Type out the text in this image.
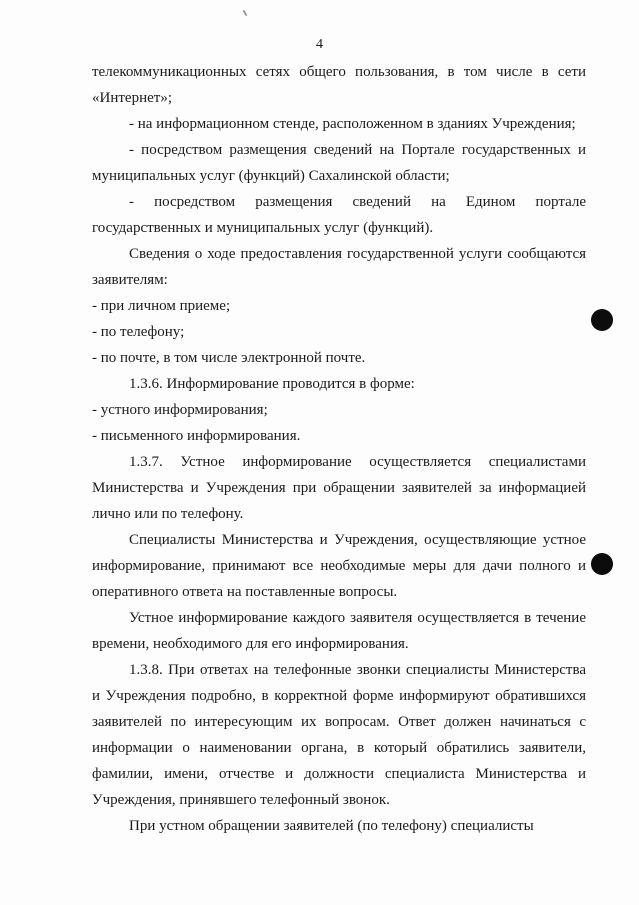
4

телекоммуникационных сетях общего пользования, в том числе в сети «Интернет»;

- на информационном стенде, расположенном в зданиях Учреждения;

- посредством размещения сведений на Портале государственных и муниципальных услуг (функций) Сахалинской области;

- посредством размещения сведений на Едином портале государственных и муниципальных услуг (функций).

Сведения о ходе предоставления государственной услуги сообщаются заявителям:

- при личном приеме;

- по телефону;

- по почте, в том числе электронной почте.

1.3.6. Информирование проводится в форме:

- устного информирования;

- письменного информирования.

1.3.7. Устное информирование осуществляется специалистами Министерства и Учреждения при обращении заявителей за информацией лично или по телефону.

Специалисты Министерства и Учреждения, осуществляющие устное информирование, принимают все необходимые меры для дачи полного и оперативного ответа на поставленные вопросы.

Устное информирование каждого заявителя осуществляется в течение времени, необходимого для его информирования.

1.3.8. При ответах на телефонные звонки специалисты Министерства и Учреждения подробно, в корректной форме информируют обратившихся заявителей по интересующим их вопросам. Ответ должен начинаться с информации о наименовании органа, в который обратились заявители, фамилии, имени, отчестве и должности специалиста Министерства и Учреждения, принявшего телефонный звонок.

При устном обращении заявителей (по телефону) специалисты
